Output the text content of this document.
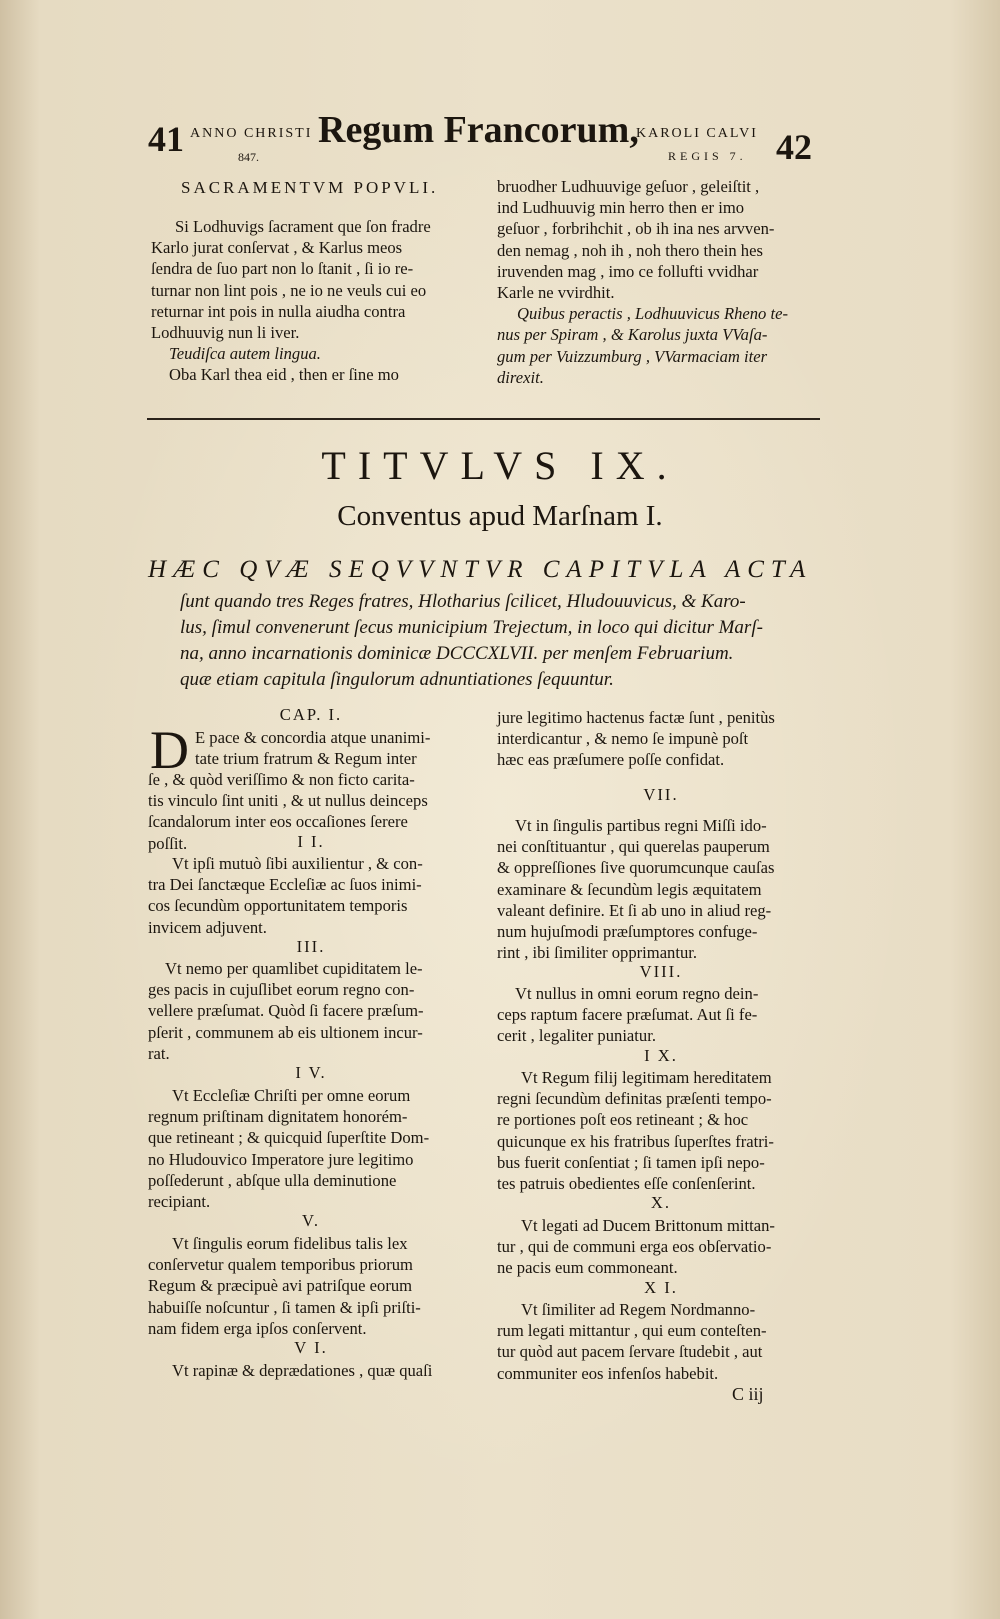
41 ANNO CHRISTI
847.
Regum Francorum,
KAROLI CALVI
REGIS 7. 42
SACRAMENTVM POPVLI.
Si Lodhuvigs ſacrament que ſon fradre
Karlo jurat conſervat , & Karlus meos
ſendra de ſuo part non lo ſtanit , ſi io re-
turnar non lint pois , ne io ne veuls cui eo
returnar int pois in nulla aiudha contra
Lodhuuvig nun li iver.
Teudiſca autem lingua.
Oba Karl thea eid , then er ſine mo
bruodher Ludhuuvige geſuor , geleiſtit ,
ind Ludhuuvig min herro then er imo
geſuor , forbrihchit , ob ih ina nes arvven-
den nemag , noh ih , noh thero thein hes
iruvenden mag , imo ce follufti vvidhar
Karle ne vvirdhit.
Quibus peractis , Lodhuuvicus Rheno te-
nus per Spiram , & Karolus juxta VVaſa-
gum per Vuizzumburg , VVarmaciam iter
direxit.
TITVLVS IX.
Conventus apud Marſnam I.
HÆC QVÆ SEQVVNTVR CAPITVLA ACTA
ſunt quando tres Reges fratres, Hlotharius ſcilicet, Hludouuvicus, & Karo-
lus, ſimul convenerunt ſecus municipium Trejectum, in loco qui dicitur Marſ-
na, anno incarnationis dominicæ DCCCXLVII. per menſem Februarium.
quæ etiam capitula ſingulorum adnuntiationes ſequuntur.
CAP. I.
D E pace & concordia atque unanimi-
tate trium fratrum & Regum inter
ſe , & quòd veriſſimo & non ficto carita-
tis vinculo ſint uniti , & ut nullus deinceps
ſcandalorum inter eos occaſiones ſerere
poſſit.	I I.
Vt ipſi mutuò ſibi auxilientur , & con-
tra Dei ſanctæque Eccleſiæ ac ſuos inimi-
cos ſecundùm opportunitatem temporis
invicem adjuvent.
III.
Vt nemo per quamlibet cupiditatem le-
ges pacis in cujuſlibet eorum regno con-
vellere præſumat. Quòd ſi facere præſum-
pſerit , communem ab eis ultionem incur-
rat.
I V.
Vt Eccleſiæ Chriſti per omne eorum
regnum priſtinam dignitatem honorém-
que retineant ; & quicquid ſuperſtite Dom-
no Hludouvico Imperatore jure legitimo
poſſederunt , abſque ulla deminutione
recipiant.
V.
Vt ſingulis eorum fidelibus talis lex
conſervetur qualem temporibus priorum
Regum & præcipuè avi patriſque eorum
habuiſſe noſcuntur , ſi tamen & ipſi priſti-
nam fidem erga ipſos conſervent.
V I.
Vt rapinæ & deprædationes , quæ quaſi
jure legitimo hactenus factæ ſunt , penitùs
interdicantur , & nemo ſe impunè poſt
hæc eas præſumere poſſe confidat.
VII.
Vt in ſingulis partibus regni Miſſi ido-
nei conſtituantur , qui querelas pauperum
& oppreſſiones ſive quorumcunque cauſas
examinare & ſecundùm legis æquitatem
valeant definire. Et ſi ab uno in aliud reg-
num hujuſmodi præſumptores confuge-
rint , ibi ſimiliter opprimantur.
VIII.
Vt nullus in omni eorum regno dein-
ceps raptum facere præſumat. Aut ſi fe-
cerit , legaliter puniatur.
I X.
Vt Regum filij legitimam hereditatem
regni ſecundùm definitas præſenti tempo-
re portiones poſt eos retineant ; & hoc
quicunque ex his fratribus ſuperſtes fratri-
bus fuerit conſentiat ; ſi tamen ipſi nepo-
tes patruis obedientes eſſe conſenſerint.
X.
Vt legati ad Ducem Brittonum mittan-
tur , qui de communi erga eos obſervatio-
ne pacis eum commoneant.
X I.
Vt ſimiliter ad Regem Nordmanno-
rum legati mittantur , qui eum conteſten-
tur quòd aut pacem ſervare ſtudebit , aut
communiter eos infenſos habebit.
C iij
